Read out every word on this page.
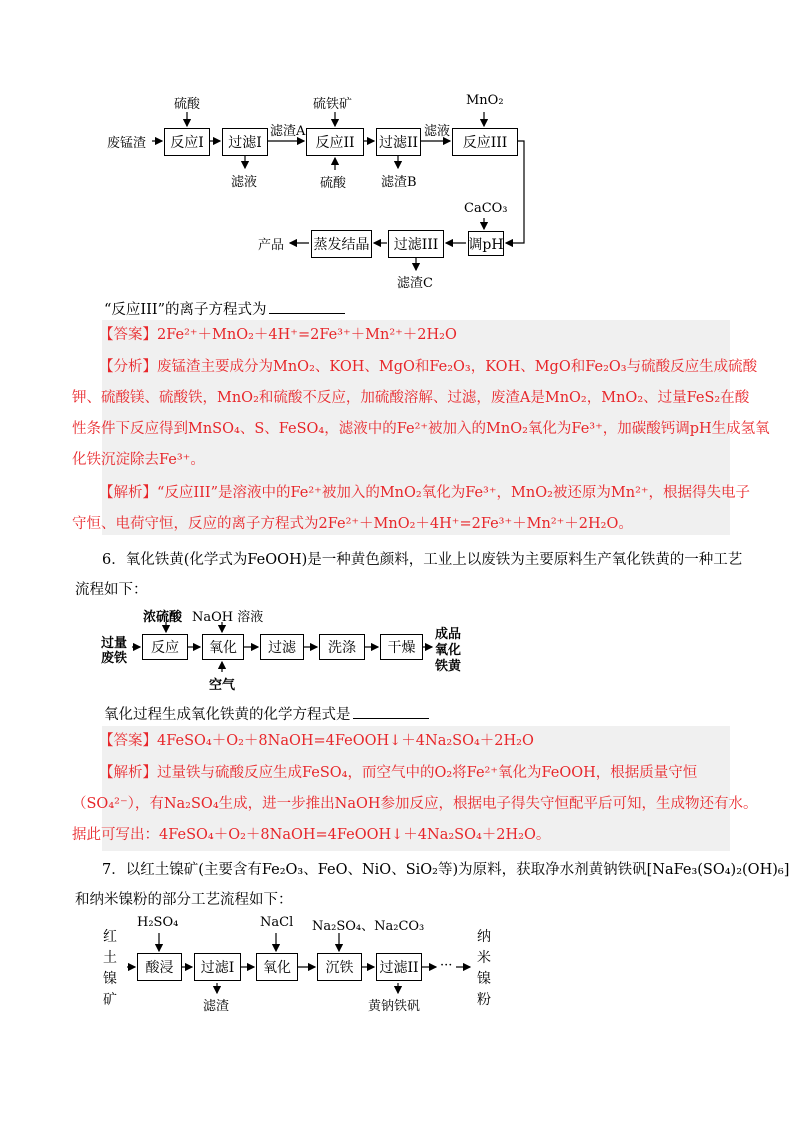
废锰渣
硫酸
反应I	过滤I
滤液
滤渣A
硫铁矿
反应II
硫酸
过滤II
滤渣B
滤液
MnO₂
反应III
CaCO₃
调pH
过滤III
滤渣C
蒸发结晶
产品
“反应III”的离子方程式为
【答案】2Fe²⁺＋MnO₂＋4H⁺=2Fe³⁺＋Mn²⁺＋2H₂O
【分析】废锰渣主要成分为MnO₂、KOH、MgO和Fe₂O₃，KOH、MgO和Fe₂O₃与硫酸反应生成硫酸
钾、硫酸镁、硫酸铁，MnO₂和硫酸不反应，加硫酸溶解、过滤，废渣A是MnO₂，MnO₂、过量FeS₂在酸
性条件下反应得到MnSO₄、S、FeSO₄，滤液中的Fe²⁺被加入的MnO₂氧化为Fe³⁺，加碳酸钙调pH生成氢氧
化铁沉淀除去Fe³⁺。
【解析】“反应III”是溶液中的Fe²⁺被加入的MnO₂氧化为Fe³⁺，MnO₂被还原为Mn²⁺，根据得失电子
守恒、电荷守恒，反应的离子方程式为2Fe²⁺＋MnO₂＋4H⁺=2Fe³⁺＋Mn²⁺＋2H₂O。
6．氧化铁黄(化学式为FeOOH)是一种黄色颜料，工业上以废铁为主要原料生产氧化铁黄的一种工艺
流程如下：
过量
废铁
浓硫酸
反应
NaOH 溶液
氧化
空气
过滤	洗涤	干燥
成品
氧化
铁黄
氧化过程生成氧化铁黄的化学方程式是
【答案】4FeSO₄＋O₂＋8NaOH=4FeOOH↓＋4Na₂SO₄＋2H₂O
【解析】过量铁与硫酸反应生成FeSO₄，而空气中的O₂将Fe²⁺氧化为FeOOH，根据质量守恒
（SO₄²⁻），有Na₂SO₄生成，进一步推出NaOH参加反应，根据电子得失守恒配平后可知，生成物还有水。
据此可写出：4FeSO₄＋O₂＋8NaOH=4FeOOH↓＋4Na₂SO₄＋2H₂O。
7．以红土镍矿(主要含有Fe₂O₃、FeO、NiO、SiO₂等)为原料，获取净水剂黄钠铁矾[NaFe₃(SO₄)₂(OH)₆]
和纳米镍粉的部分工艺流程如下：
红
土
镍
矿
H₂SO₄
酸浸	过滤I
滤渣
NaCl
氧化
Na₂SO₄、Na₂CO₃
沉铁	过滤II
黄钠铁矾
···
纳
米
镍
粉
